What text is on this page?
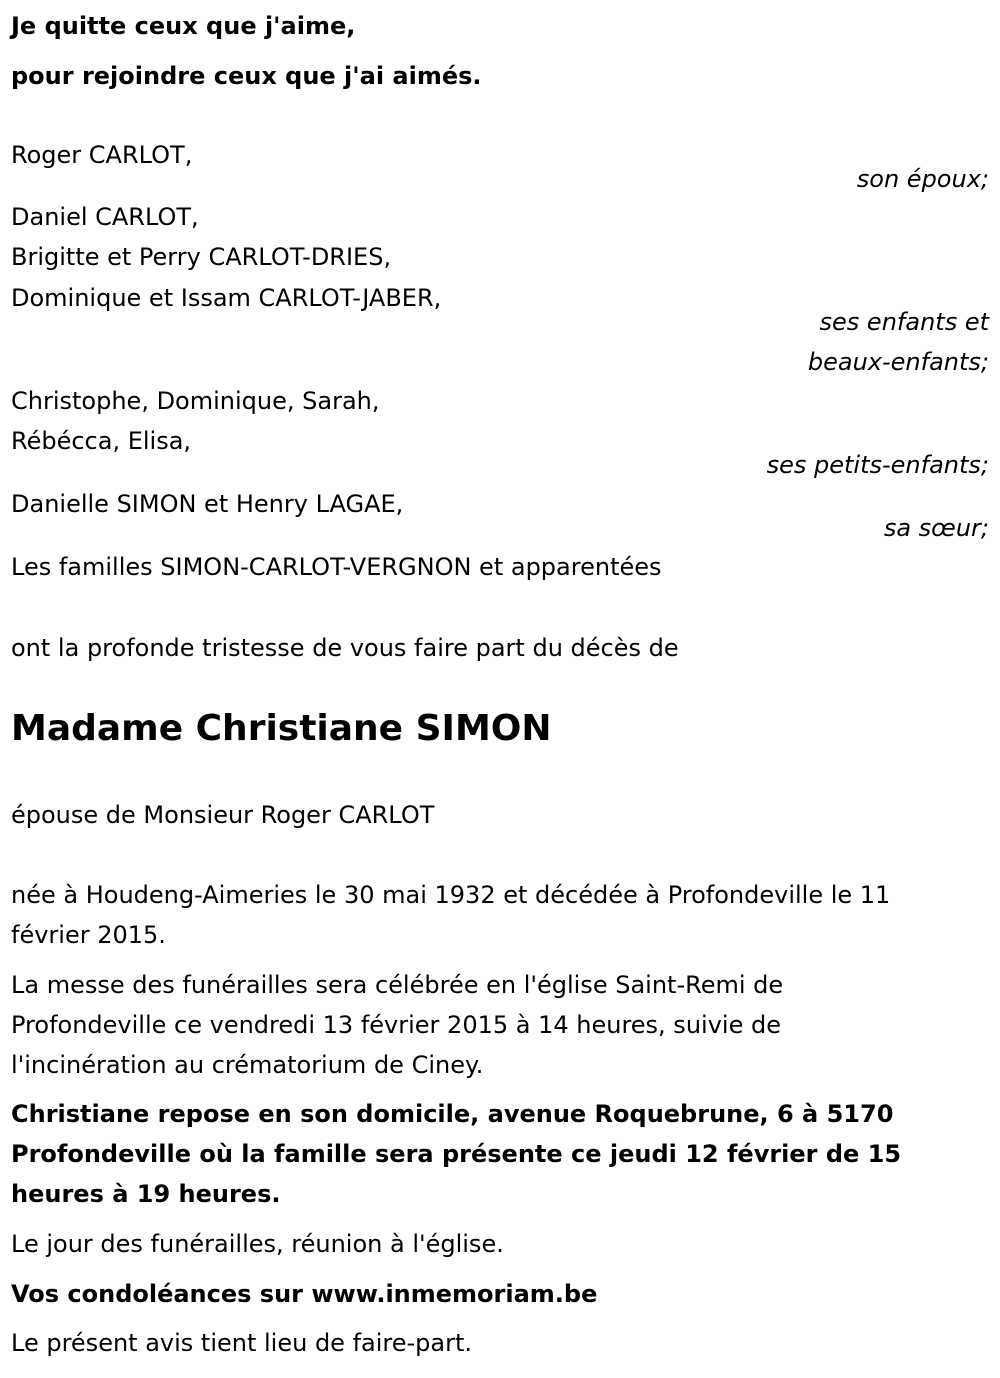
Je quitte ceux que j'aime,
pour rejoindre ceux que j'ai aimés.
Roger CARLOT,
son époux;
Daniel CARLOT,
Brigitte et Perry CARLOT-DRIES,
Dominique et Issam CARLOT-JABER,
ses enfants et
beaux-enfants;
Christophe, Dominique, Sarah,
Rébécca, Elisa,
ses petits-enfants;
Danielle SIMON et Henry LAGAE,
sa sœur;
Les familles SIMON-CARLOT-VERGNON et apparentées
ont la profonde tristesse de vous faire part du décès de
Madame Christiane SIMON
épouse de Monsieur Roger CARLOT
née à Houdeng-Aimeries le 30 mai 1932 et décédée à Profondeville le 11
février 2015.
La messe des funérailles sera célébrée en l'église Saint-Remi de
Profondeville ce vendredi 13 février 2015 à 14 heures, suivie de
l'incinération au crématorium de Ciney.
Christiane repose en son domicile, avenue Roquebrune, 6 à 5170
Profondeville où la famille sera présente ce jeudi 12 février de 15
heures à 19 heures.
Le jour des funérailles, réunion à l'église.
Vos condoléances sur www.inmemoriam.be
Le présent avis tient lieu de faire-part.
